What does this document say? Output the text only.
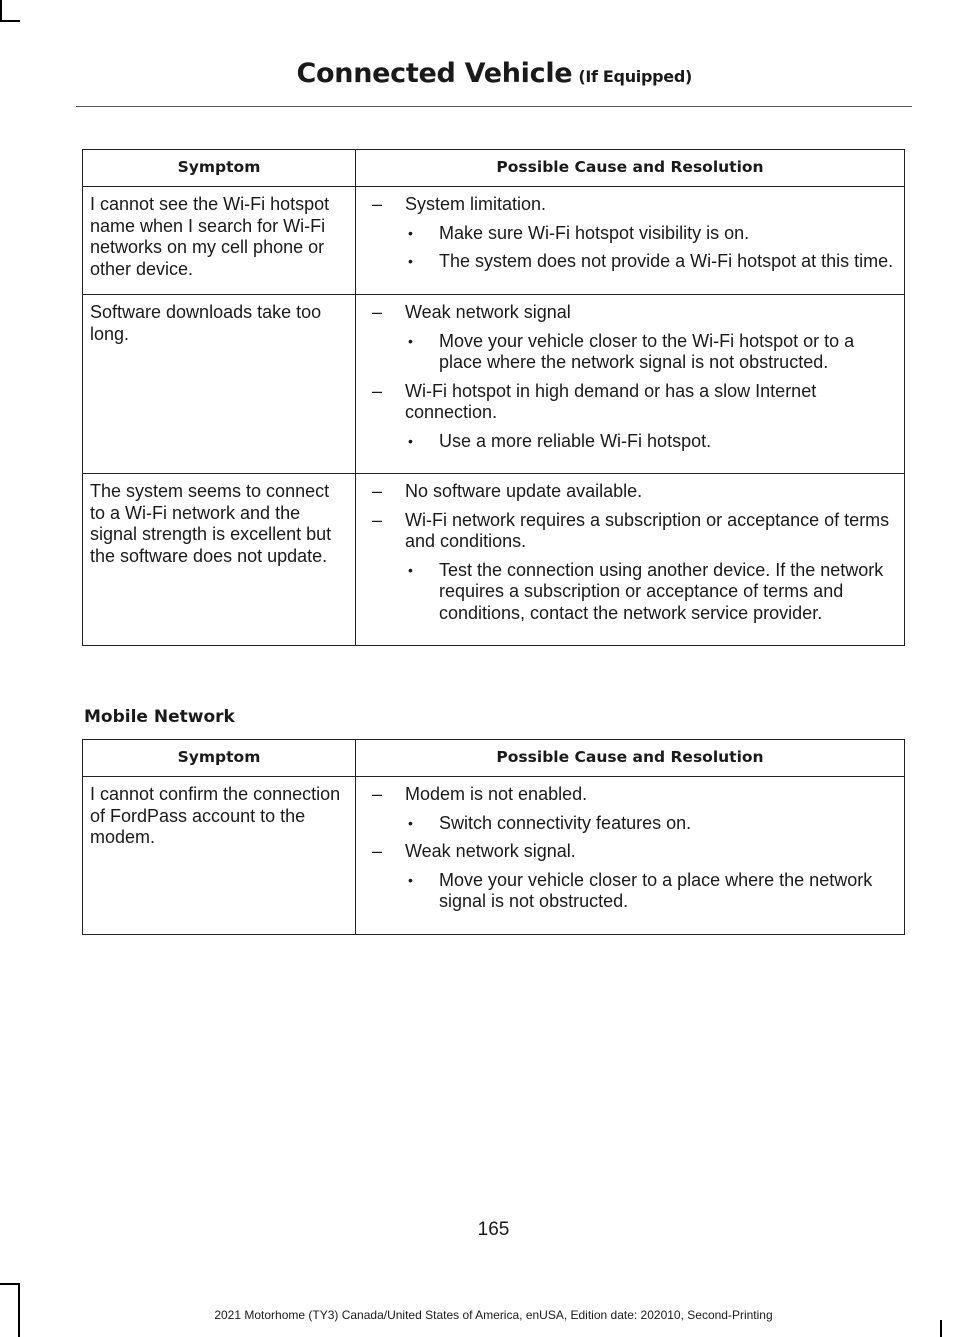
Connected Vehicle (If Equipped)
Symptom	Possible Cause and Resolution
I cannot see the Wi-Fi hotspot name when I search for Wi-Fi networks on my cell phone or other device.	– System limitation.
• Make sure Wi-Fi hotspot visibility is on.
• The system does not provide a Wi-Fi hotspot at this time.

Software downloads take too long.	– Weak network signal
• Move your vehicle closer to the Wi-Fi hotspot or to a place where the network signal is not obstructed.
– Wi-Fi hotspot in high demand or has a slow Internet connection.
• Use a more reliable Wi-Fi hotspot.

The system seems to connect to a Wi-Fi network and the signal strength is excellent but the software does not update.	– No software update available.
– Wi-Fi network requires a subscription or acceptance of terms and conditions.
• Test the connection using another device. If the network requires a subscription or acceptance of terms and conditions, contact the network service provider.
Mobile Network
Symptom	Possible Cause and Resolution
I cannot confirm the connection of FordPass account to the modem.	– Modem is not enabled.
• Switch connectivity features on.
– Weak network signal.
• Move your vehicle closer to a place where the network signal is not obstructed.
165
2021 Motorhome (TY3) Canada/United States of America, enUSA, Edition date: 202010, Second-Printing
